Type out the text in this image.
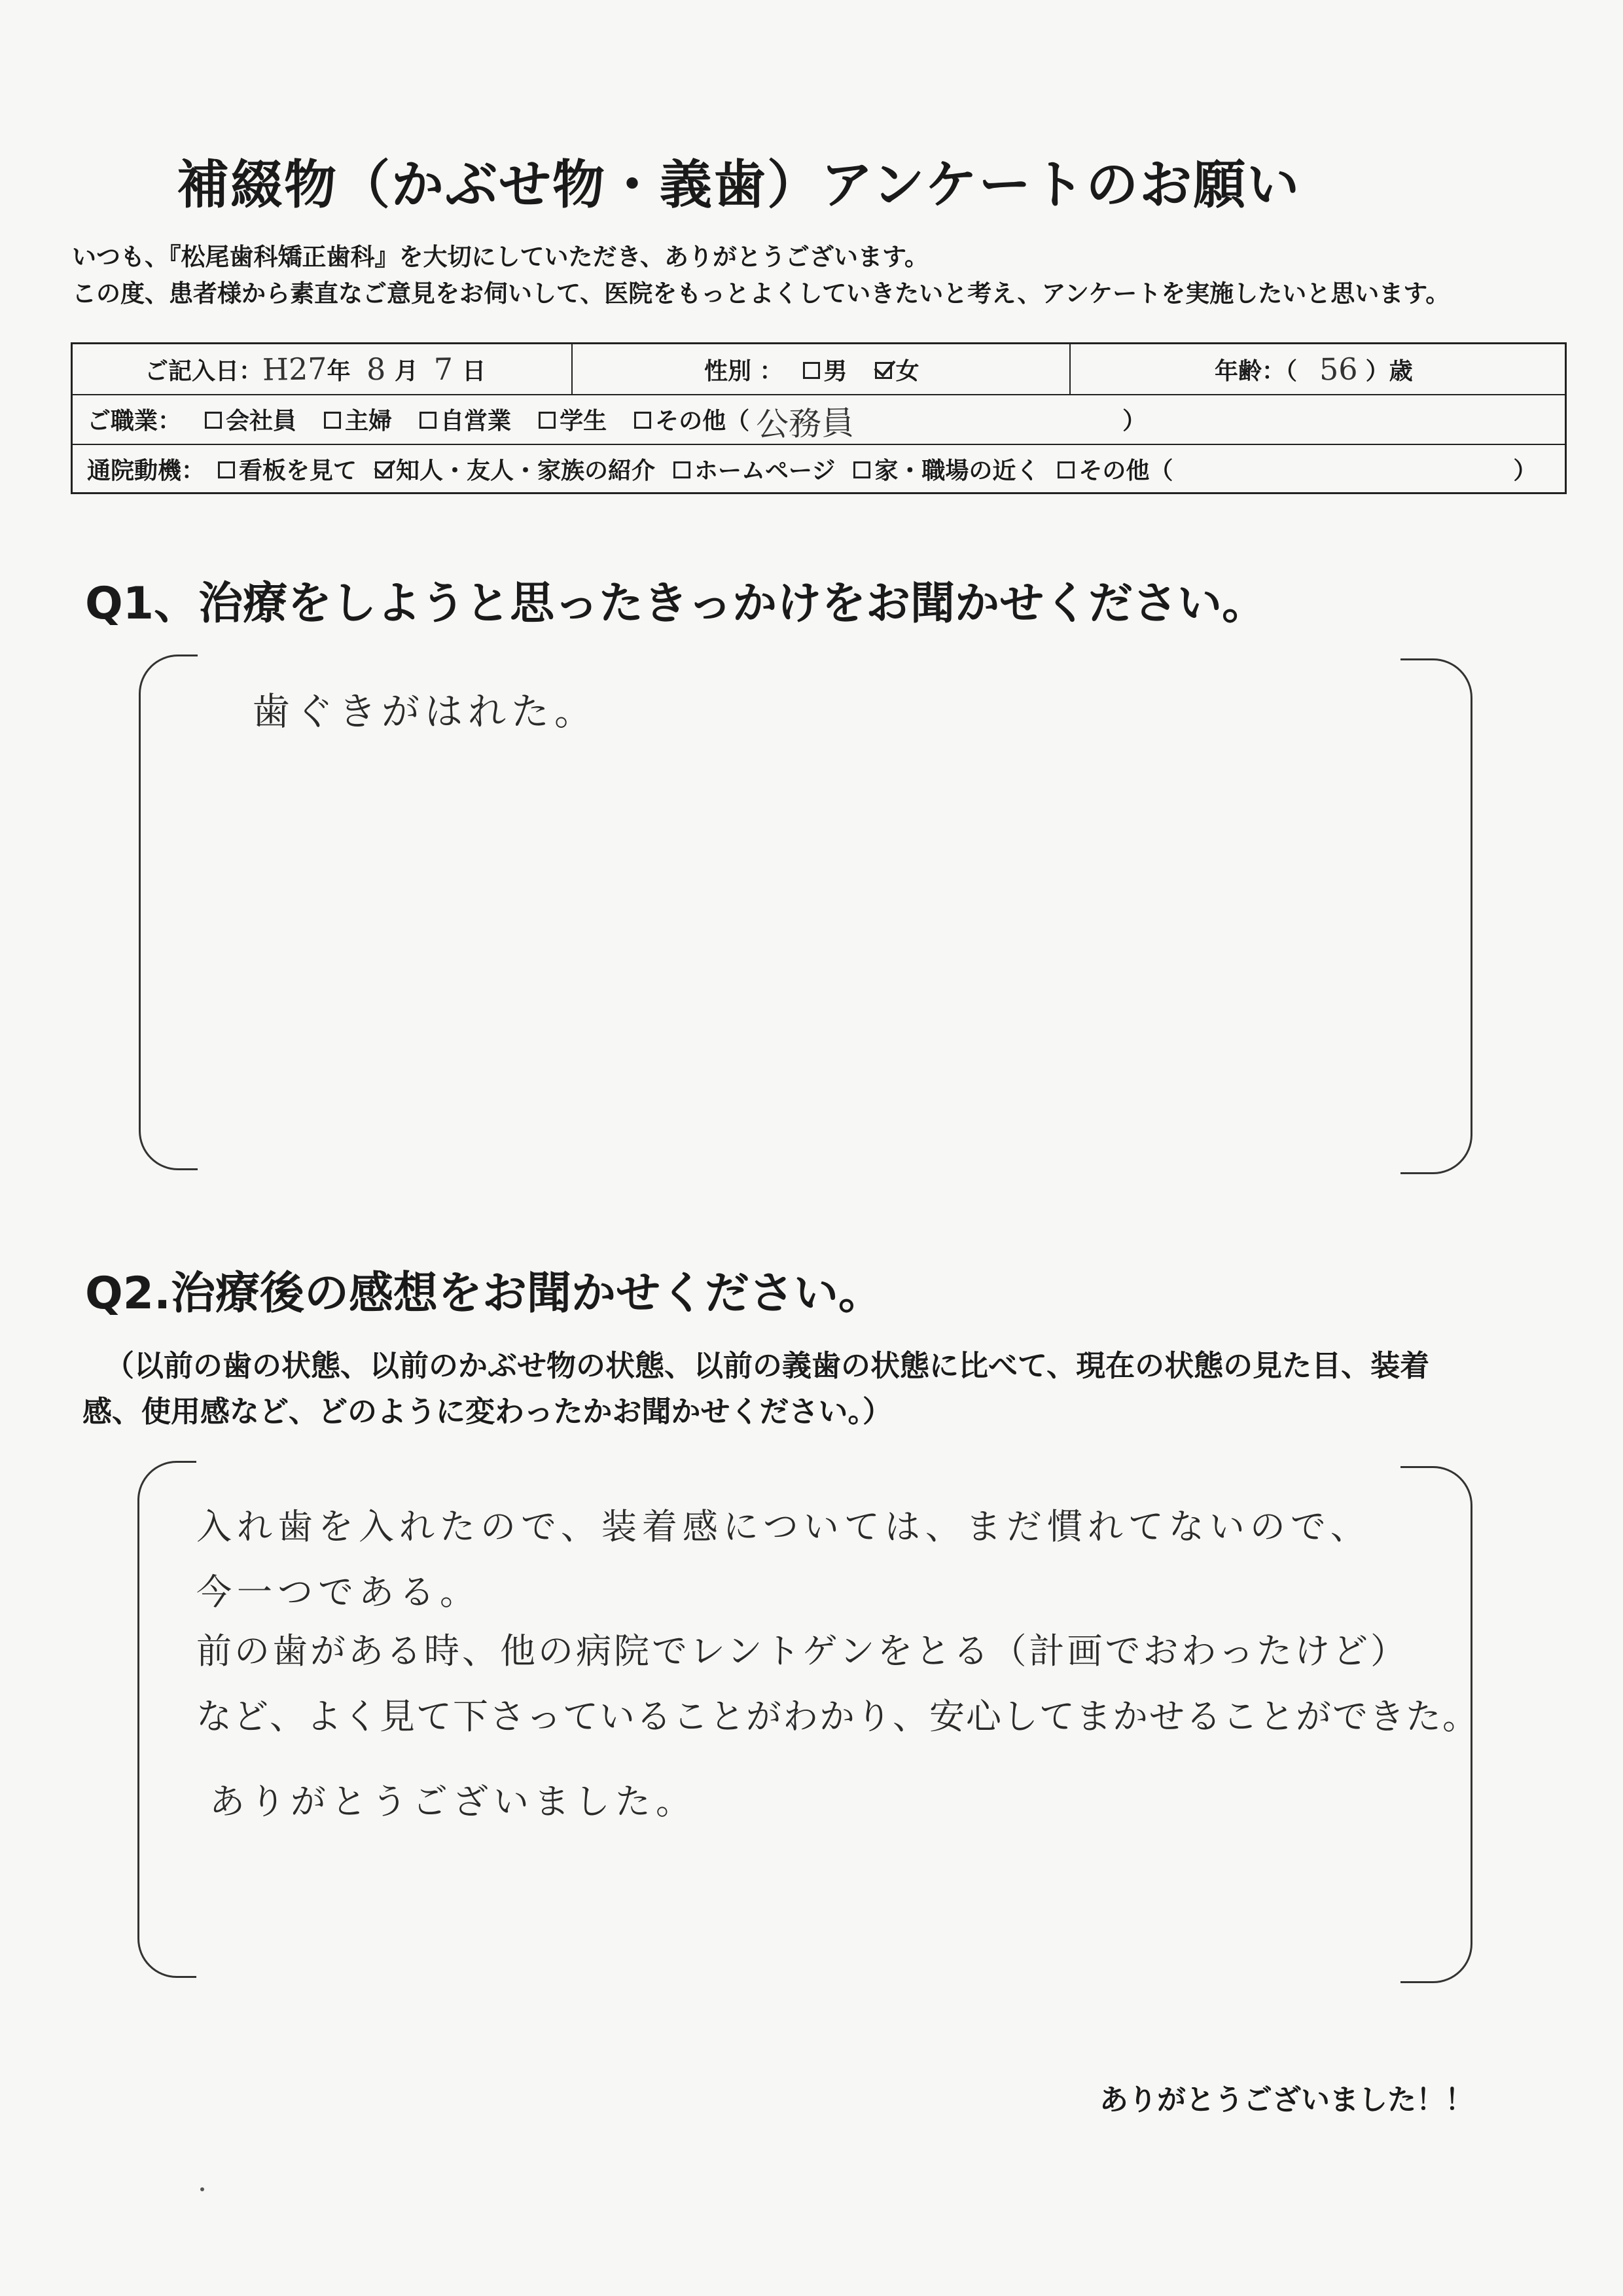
補綴物（かぶせ物・義歯）アンケートのお願い
いつも、『松尾歯科矯正歯科』を大切にしていただき、ありがとうございます。
この度、患者様から素直なご意見をお伺いして、医院をもっとよくしていきたいと考え、アンケートを実施したいと思います。
ご記入日： H27 年 8 月 7 日	性別 ： 男 女	年齢：（ 56 ）歳
ご職業： 会社員 主婦 自営業 学生 その他（ 公務員	）
通院動機： 看板を見て 知人・友人・家族の紹介 ホームページ 家・職場の近く その他（	）
Q1、治療をしようと思ったきっかけをお聞かせください。
歯ぐきがはれた。
Q2.治療後の感想をお聞かせください。
（以前の歯の状態、以前のかぶせ物の状態、以前の義歯の状態に比べて、現在の状態の見た目、装着
感、使用感など、どのように変わったかお聞かせください。）
入れ歯を入れたので、装着感については、まだ慣れてないので、
今一つである。
前の歯がある時、他の病院でレントゲンをとる（計画でおわったけど）
など、よく見て下さっていることがわかり、安心してまかせることができた。
ありがとうございました。
ありがとうございました！！
